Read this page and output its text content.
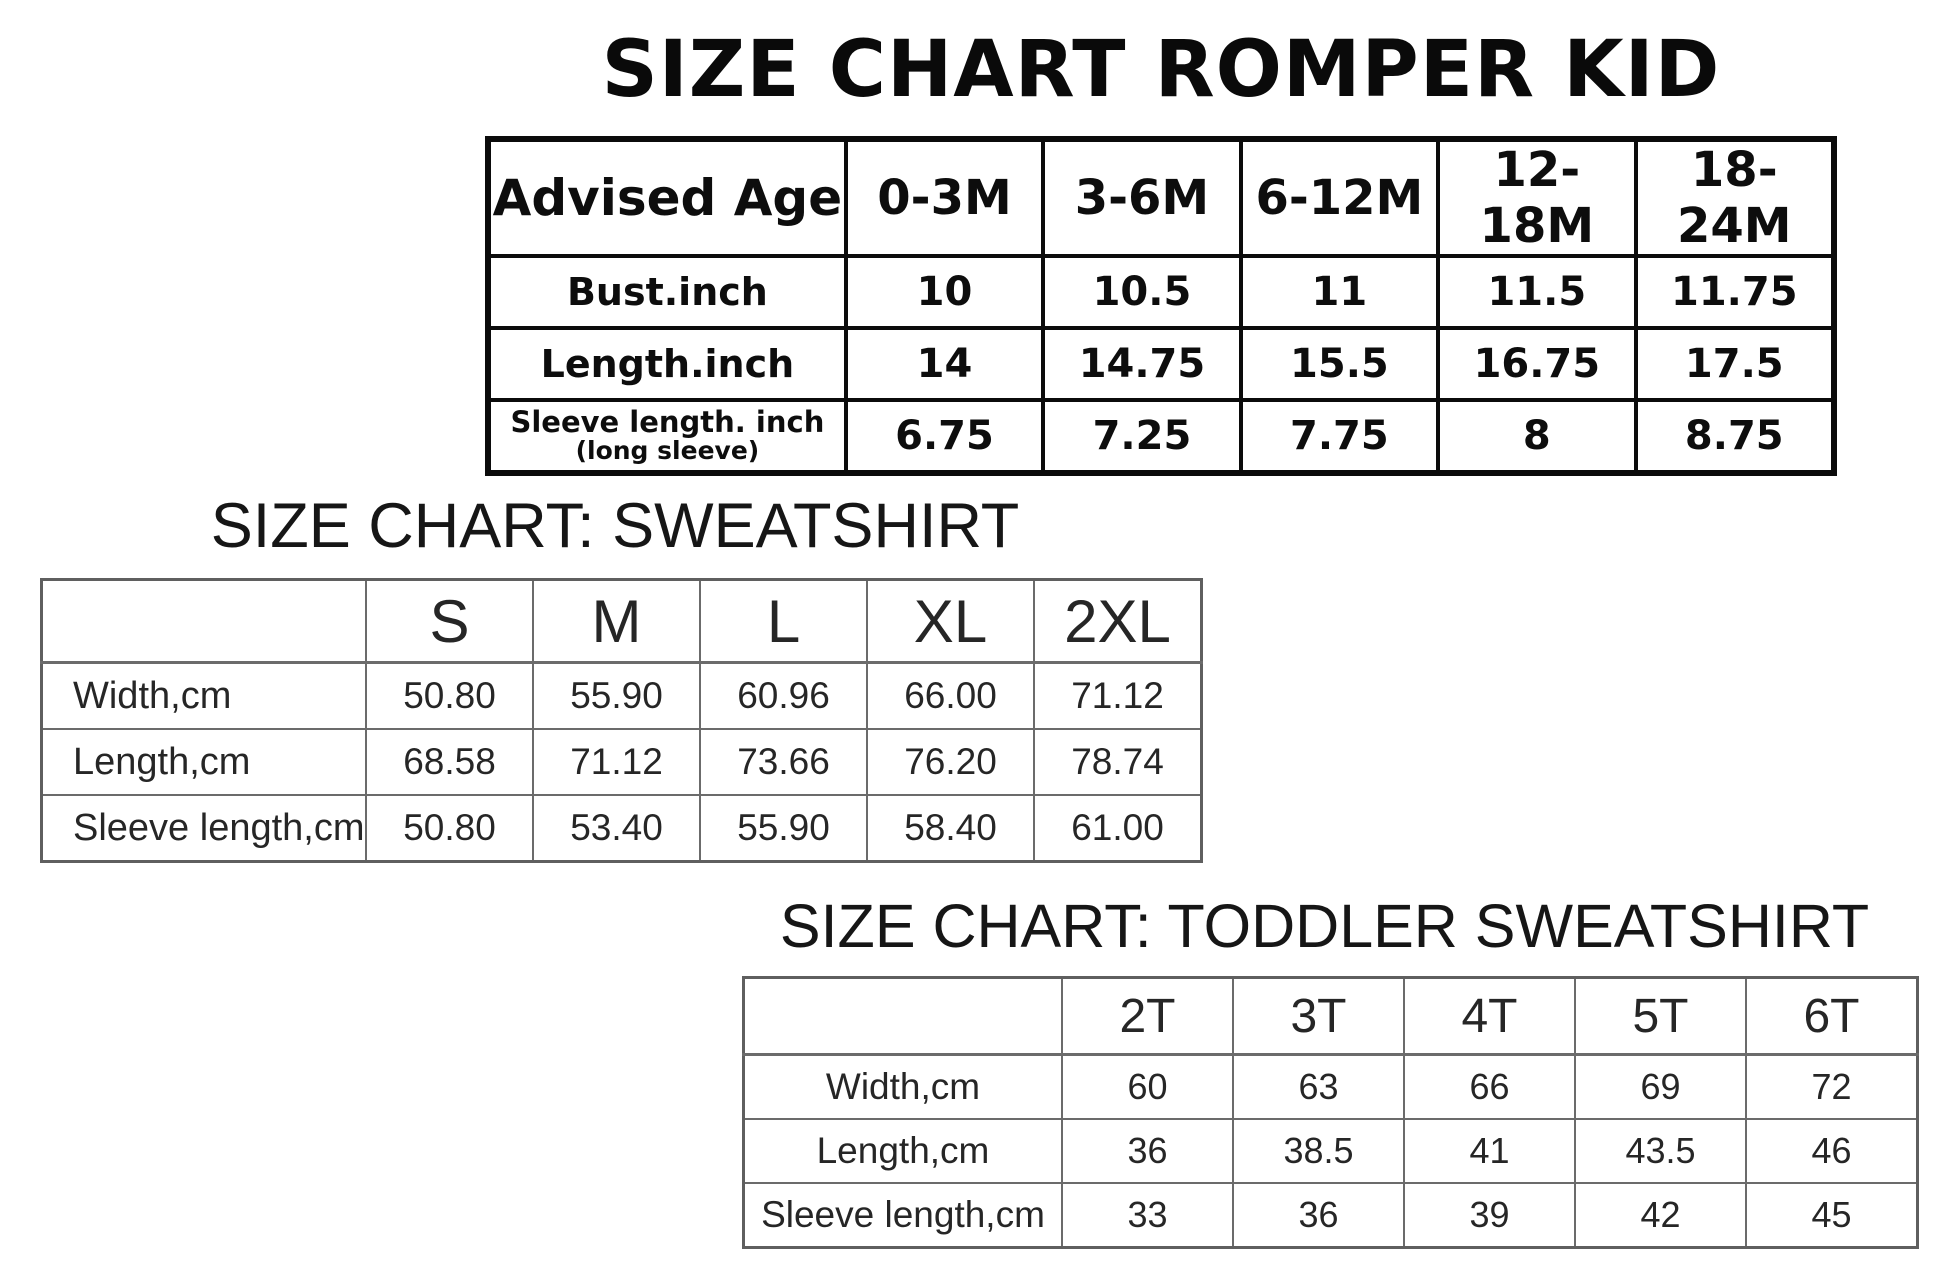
SIZE CHART ROMPER KID
Advised Age	0-3M	3-6M	6-12M	12-18M	18-24M
Bust.inch	10	10.5	11	11.5	11.75
Length.inch	14	14.75	15.5	16.75	17.5

Sleeve length. inch
(long sleeve)	6.75	7.25	7.75	8	8.75
SIZE CHART: SWEATSHIRT
	S	M	L	XL	2XL
Width,cm	50.80	55.90	60.96	66.00	71.12
Length,cm	68.58	71.12	73.66	76.20	78.74
Sleeve length,cm	50.80	53.40	55.90	58.40	61.00
SIZE CHART: TODDLER SWEATSHIRT
	2T	3T	4T	5T	6T
Width,cm	60	63	66	69	72
Length,cm	36	38.5	41	43.5	46
Sleeve length,cm	33	36	39	42	45
